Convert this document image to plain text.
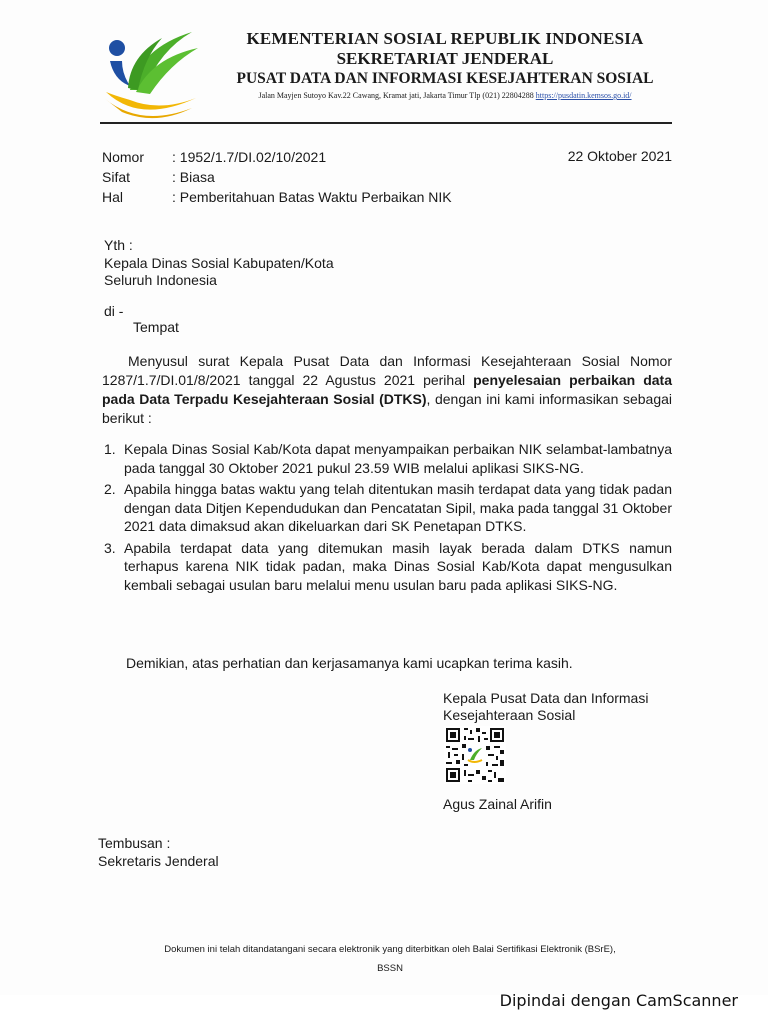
KEMENTERIAN SOSIAL REPUBLIK INDONESIA
SEKRETARIAT JENDERAL
PUSAT DATA DAN INFORMASI KESEJAHTERAN SOSIAL
Jalan Mayjen Sutoyo Kav.22 Cawang, Kramat jati, Jakarta Timur Tlp (021) 22804288 https://pusdatin.kemsos.go.id/
Nomor : 1952/1.7/DI.02/10/2021
Sifat	: Biasa
Hal	: Pemberitahuan Batas Waktu Perbaikan NIK
22 Oktober 2021
Yth :
Kepala Dinas Sosial Kabupaten/Kota
Seluruh Indonesia
di -
Tempat
Menyusul surat Kepala Pusat Data dan Informasi Kesejahteraan Sosial Nomor 1287/1.7/DI.01/8/2021 tanggal 22 Agustus 2021 perihal penyelesaian perbaikan data pada Data Terpadu Kesejahteraan Sosial (DTKS), dengan ini kami informasikan sebagai berikut :
1. Kepala Dinas Sosial Kab/Kota dapat menyampaikan perbaikan NIK selambat-lambatnya pada tanggal 30 Oktober 2021 pukul 23.59 WIB melalui aplikasi SIKS-NG.
2. Apabila hingga batas waktu yang telah ditentukan masih terdapat data yang tidak padan dengan data Ditjen Kependudukan dan Pencatatan Sipil, maka pada tanggal 31 Oktober 2021 data dimaksud akan dikeluarkan dari SK Penetapan DTKS.
3. Apabila terdapat data yang ditemukan masih layak berada dalam DTKS namun terhapus karena NIK tidak padan, maka Dinas Sosial Kab/Kota dapat mengusulkan kembali sebagai usulan baru melalui menu usulan baru pada aplikasi SIKS-NG.
Demikian, atas perhatian dan kerjasamanya kami ucapkan terima kasih.
Kepala Pusat Data dan Informasi
Kesejahteraan Sosial
Agus Zainal Arifin
Tembusan :
Sekretaris Jenderal
Dokumen ini telah ditandatangani secara elektronik yang diterbitkan oleh Balai Sertifikasi Elektronik (BSrE),
BSSN
Dipindai dengan CamScanner
